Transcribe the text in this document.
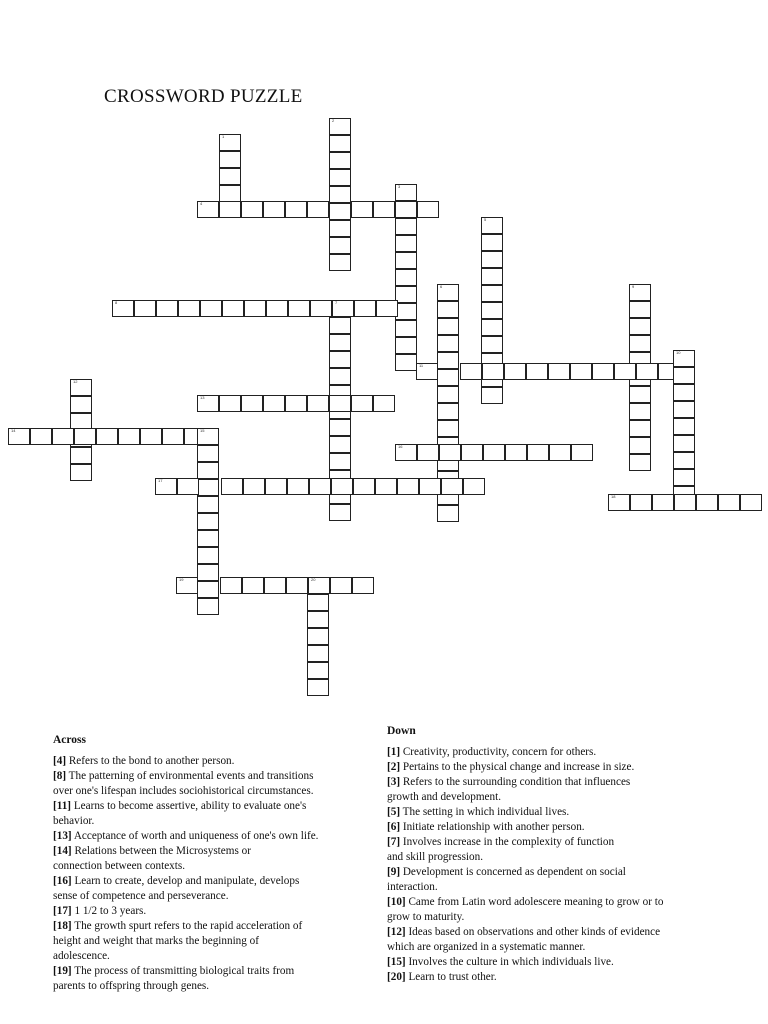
CROSSWORD PUZZLE
1
2
4
3
5
8	7
6	9
11
10
12
13
14	15
16
17
18
19	20
Across
[4] Refers to the bond to another person.
[8] The patterning of environmental events and transitions
over one's lifespan includes sociohistorical circumstances.
[11] Learns to become assertive, ability to evaluate one's
behavior.
[13] Acceptance of worth and uniqueness of one's own life.
[14] Relations between the Microsystems or
connection between contexts.
[16] Learn to create, develop and manipulate, develops
sense of competence and perseverance.
[17] 1 1/2 to 3 years.
[18] The growth spurt refers to the rapid acceleration of
height and weight that marks the beginning of
adolescence.
[19] The process of transmitting biological traits from
parents to offspring through genes.
Down
[1] Creativity, productivity, concern for others.
[2] Pertains to the physical change and increase in size.
[3] Refers to the surrounding condition that influences
growth and development.
[5] The setting in which individual lives.
[6] Initiate relationship with another person.
[7] Involves increase in the complexity of function
and skill progression.
[9] Development is concerned as dependent on social
interaction.
[10] Came from Latin word adolescere meaning to grow or to
grow to maturity.
[12] Ideas based on observations and other kinds of evidence
which are organized in a systematic manner.
[15] Involves the culture in which individuals live.
[20] Learn to trust other.
